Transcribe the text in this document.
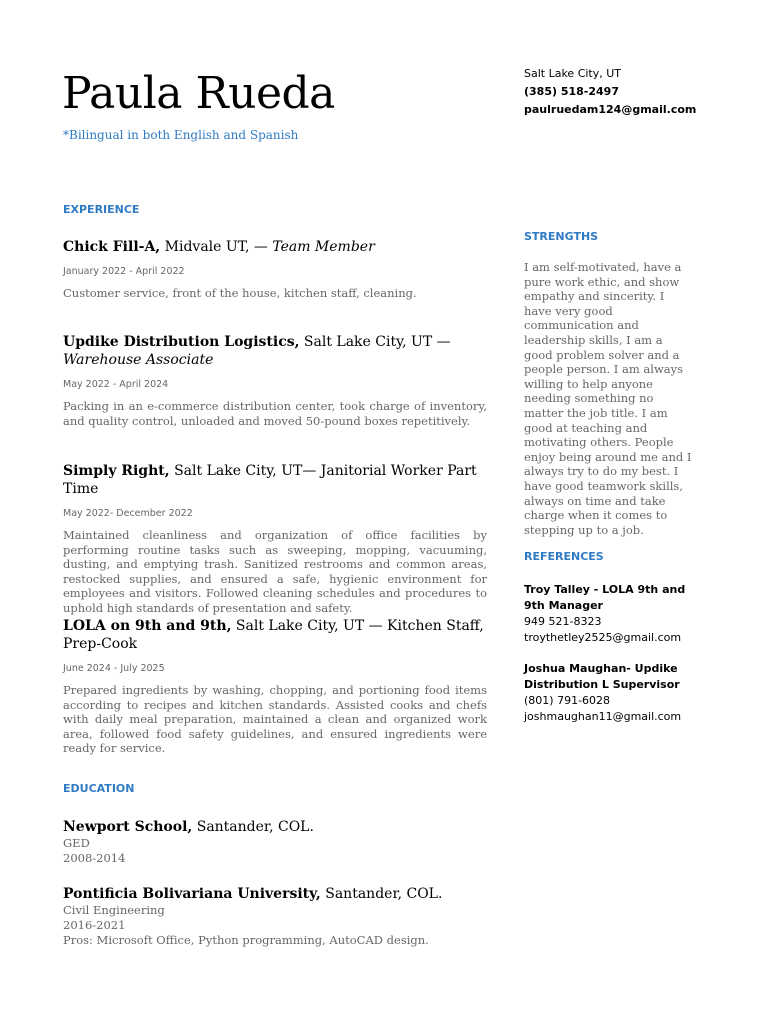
Paula Rueda
*Bilingual in both English and Spanish
Salt Lake City, UT
(385) 518-2497
paulruedam124@gmail.com
EXPERIENCE
Chick Fill-A, Midvale UT, — Team Member
January 2022 - April 2022
Customer service, front of the house, kitchen staff, cleaning.
Updike Distribution Logistics, Salt Lake City, UT — Warehouse Associate
May 2022 - April 2024
Packing in an e-commerce distribution center, took charge of inventory, and quality control, unloaded and moved 50-pound boxes repetitively.
Simply Right, Salt Lake City, UT— Janitorial Worker Part Time
May 2022- December 2022
Maintained cleanliness and organization of office facilities by performing routine tasks such as sweeping, mopping, vacuuming, dusting, and emptying trash. Sanitized restrooms and common areas, restocked supplies, and ensured a safe, hygienic environment for employees and visitors. Followed cleaning schedules and procedures to uphold high standards of presentation and safety.
LOLA on 9th and 9th, Salt Lake City, UT — Kitchen Staff, Prep-Cook
June 2024 - July 2025
Prepared ingredients by washing, chopping, and portioning food items according to recipes and kitchen standards. Assisted cooks and chefs with daily meal preparation, maintained a clean and organized work area, followed food safety guidelines, and ensured ingredients were ready for service.
EDUCATION
Newport School, Santander, COL.
GED
2008-2014
Pontificia Bolivariana University, Santander, COL.
Civil Engineering
2016-2021
Pros: Microsoft Office, Python programming, AutoCAD design.
STRENGTHS
I am self-motivated, have a pure work ethic, and show empathy and sincerity. I have very good communication and leadership skills, I am a good problem solver and a people person. I am always willing to help anyone needing something no matter the job title. I am good at teaching and motivating others. People enjoy being around me and I always try to do my best. I have good teamwork skills, always on time and take charge when it comes to stepping up to a job.
REFERENCES
Troy Talley - LOLA 9th and 9th Manager
949 521-8323
troythetley2525@gmail.com
Joshua Maughan- Updike Distribution L Supervisor
(801) 791-6028
joshmaughan11@gmail.com
